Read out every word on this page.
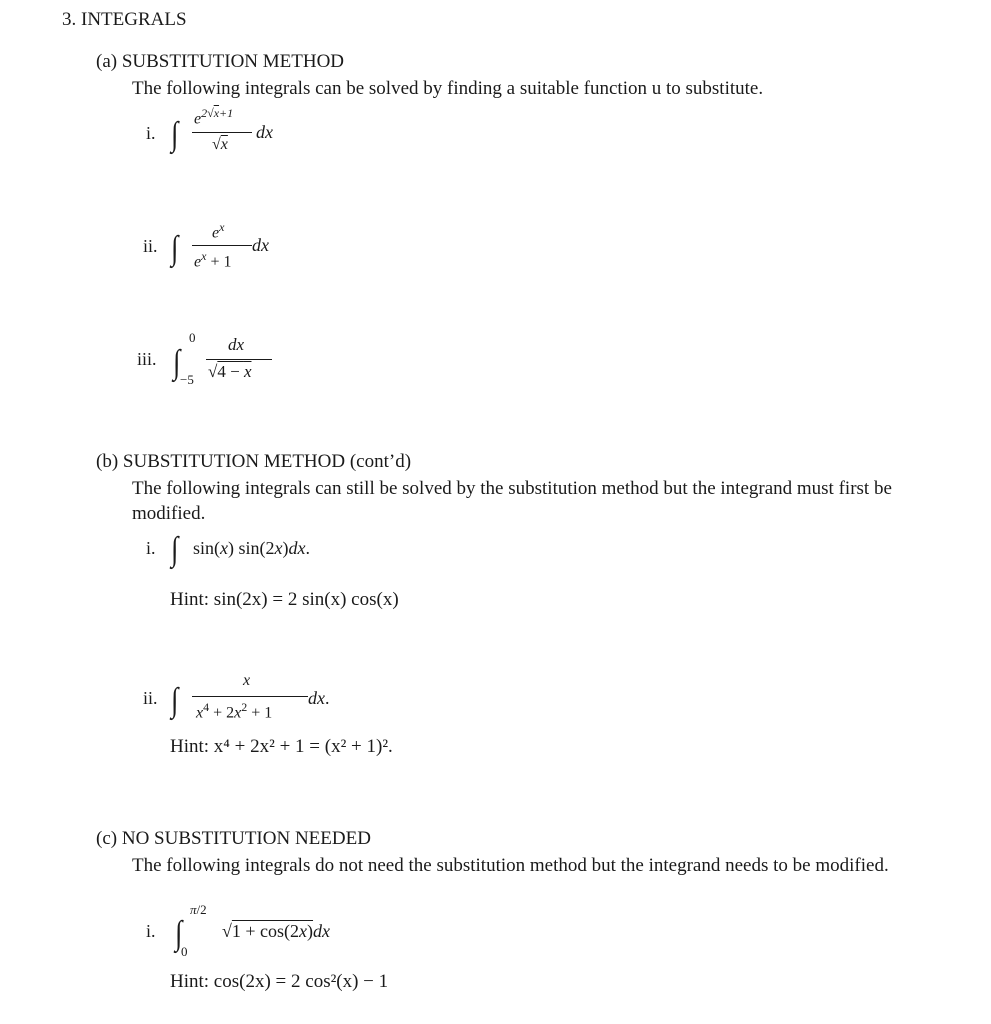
3. INTEGRALS
(a) SUBSTITUTION METHOD
The following integrals can be solved by finding a suitable function u to substitute.
i. ∫ $e^{2√x+1}$
√x
dx
ii. ∫ $e^x$
$e^x + 1$
dx
iii. ∫
0
−5
dx
√4 − x
(b) SUBSTITUTION METHOD (cont’d)
The following integrals can still be solved by the substitution method but the integrand must first be modified.
i. ∫ sin(x) sin(2x)dx.
Hint: sin(2x) = 2 sin(x) cos(x)
ii. ∫
x
$x^4 + 2x^2 + 1$
dx.
Hint: x⁴ + 2x² + 1 = (x² + 1)².
(c) NO SUBSTITUTION NEEDED
The following integrals do not need the substitution method but the integrand needs to be modified.
i. ∫
π/2
0
√1 + cos(2x)dx
Hint: cos(2x) = 2 cos²(x) − 1
